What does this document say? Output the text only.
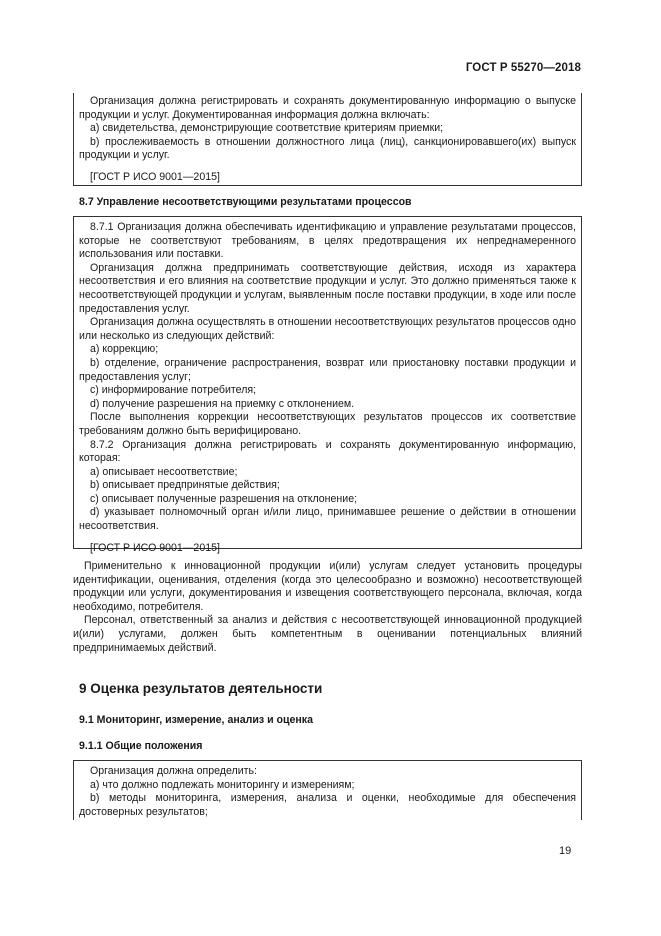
ГОСТ Р 55270—2018

Организация должна регистрировать и сохранять документированную информацию о выпуске продукции и услуг. Документированная информация должна включать:

a) свидетельства, демонстрирующие соответствие критериям приемки;

b) прослеживаемость в отношении должностного лица (лиц), санкционировавшего(их) выпуск продукции и услуг.

[ГОСТ Р ИСО 9001—2015]

8.7 Управление несоответствующими результатами процессов

8.7.1 Организация должна обеспечивать идентификацию и управление результатами процессов, которые не соответствуют требованиям, в целях предотвращения их непреднамеренного использования или поставки.

Организация должна предпринимать соответствующие действия, исходя из характера несоответствия и его влияния на соответствие продукции и услуг. Это должно применяться также к несоответствующей продукции и услугам, выявленным после поставки продукции, в ходе или после предоставления услуг.

Организация должна осуществлять в отношении несоответствующих результатов процессов одно или несколько из следующих действий:

a) коррекцию;

b) отделение, ограничение распространения, возврат или приостановку поставки продукции и предоставления услуг;

c) информирование потребителя;

d) получение разрешения на приемку с отклонением.

После выполнения коррекции несоответствующих результатов процессов их соответствие требованиям должно быть верифицировано.

8.7.2 Организация должна регистрировать и сохранять документированную информацию, которая:

a) описывает несоответствие;

b) описывает предпринятые действия;

c) описывает полученные разрешения на отклонение;

d) указывает полномочный орган и/или лицо, принимавшее решение о действии в отношении несоответствия.

[ГОСТ Р ИСО 9001—2015]

Применительно к инновационной продукции и(или) услугам следует установить процедуры идентификации, оценивания, отделения (когда это целесообразно и возможно) несоответствующей продукции или услуги, документирования и извещения соответствующего персонала, включая, когда необходимо, потребителя.

Персонал, ответственный за анализ и действия с несоответствующей инновационной продукцией и(или) услугами, должен быть компетентным в оценивании потенциальных влияний предпринимаемых действий.

9 Оценка результатов деятельности
9.1 Мониторинг, измерение, анализ и оценка
9.1.1 Общие положения

Организация должна определить:

a) что должно подлежать мониторингу и измерениям;

b) методы мониторинга, измерения, анализа и оценки, необходимые для обеспечения достоверных результатов;

19
